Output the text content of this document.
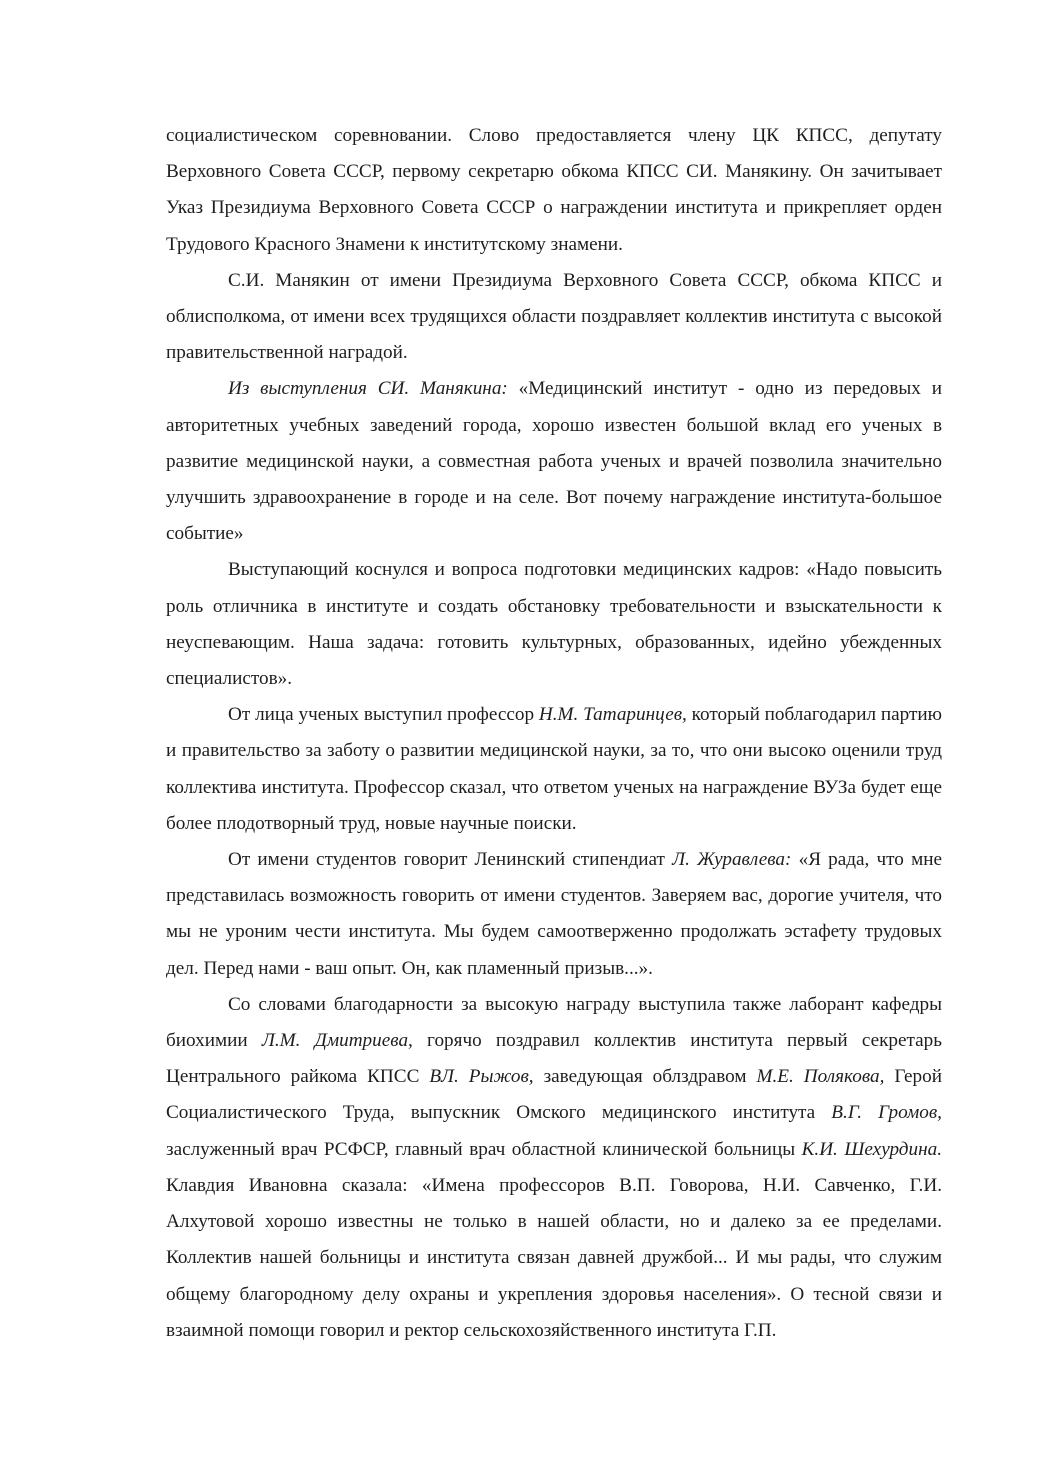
социалистическом соревновании. Слово предоставляется члену ЦК КПСС, депутату Верховного Совета СССР, первому секретарю обкома КПСС СИ. Манякину. Он зачитывает Указ Президиума Верховного Совета СССР о награждении института и прикрепляет орден Трудового Красного Знамени к институтскому знамени.

С.И. Манякин от имени Президиума Верховного Совета СССР, обкома КПСС и облисполкома, от имени всех трудящихся области поздравляет коллектив института с высокой правительственной наградой.

Из выступления СИ. Манякина: «Медицинский институт - одно из передовых и авторитетных учебных заведений города, хорошо известен большой вклад его ученых в развитие медицинской науки, а совместная работа ученых и врачей позволила значительно улучшить здравоохранение в городе и на селе. Вот почему награждение института-большое событие»

Выступающий коснулся и вопроса подготовки медицинских кадров: «Надо повысить роль отличника в институте и создать обстановку требовательности и взыскательности к неуспевающим. Наша задача: готовить культурных, образованных, идейно убежденных специалистов».

От лица ученых выступил профессор Н.М. Татаринцев, который поблагодарил партию и правительство за заботу о развитии медицинской науки, за то, что они высоко оценили труд коллектива института. Профессор сказал, что ответом ученых на награждение ВУЗа будет еще более плодотворный труд, новые научные поиски.

От имени студентов говорит Ленинский стипендиат Л. Журавлева: «Я рада, что мне представилась возможность говорить от имени студентов. Заверяем вас, дорогие учителя, что мы не уроним чести института. Мы будем самоотверженно продолжать эстафету трудовых дел. Перед нами - ваш опыт. Он, как пламенный призыв...».

Со словами благодарности за высокую награду выступила также лаборант кафедры биохимии Л.М. Дмитриева, горячо поздравил коллектив института первый секретарь Центрального райкома КПСС ВЛ. Рыжов, заведующая облздравом М.Е. Полякова, Герой Социалистического Труда, выпускник Омского медицинского института В.Г. Громов, заслуженный врач РСФСР, главный врач областной клинической больницы К.И. Шехурдина. Клавдия Ивановна сказала: «Имена профессоров В.П. Говорова, Н.И. Савченко, Г.И. Алхутовой хорошо известны не только в нашей области, но и далеко за ее пределами. Коллектив нашей больницы и института связан давней дружбой... И мы рады, что служим общему благородному делу охраны и укрепления здоровья населения». О тесной связи и взаимной помощи говорил и ректор сельскохозяйственного института Г.П.
